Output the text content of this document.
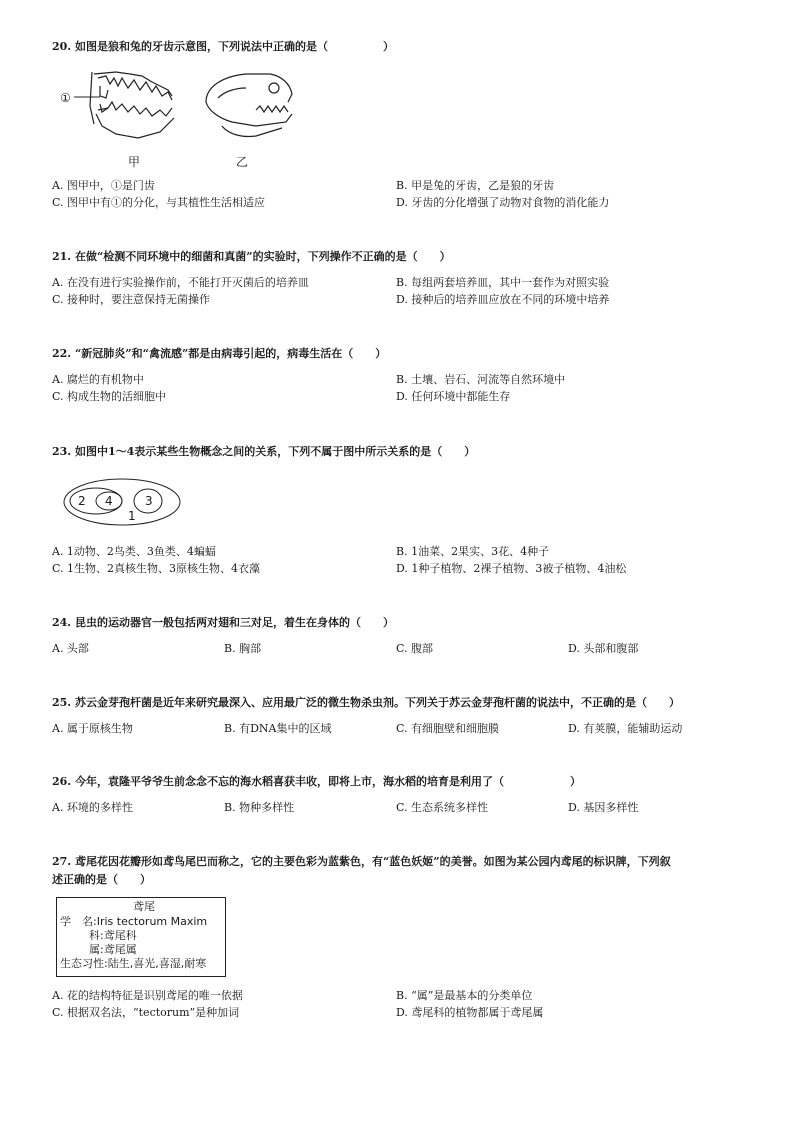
20. 如图是狼和兔的牙齿示意图，下列说法中正确的是（　　　　　）
①
甲	乙
A. 图甲中，①是门齿	B. 甲是兔的牙齿，乙是狼的牙齿
C. 图甲中有①的分化，与其植性生活相适应	D. 牙齿的分化增强了动物对食物的消化能力
21. 在做“检测不同环境中的细菌和真菌”的实验时，下列操作不正确的是（　　）
A. 在没有进行实验操作前，不能打开灭菌后的培养皿	B. 每组两套培养皿，其中一套作为对照实验
C. 接种时，要注意保持无菌操作	D. 接种后的培养皿应放在不同的环境中培养
22. “新冠肺炎”和“禽流感”都是由病毒引起的，病毒生活在（　　）
A. 腐烂的有机物中	B. 土壤、岩石、河流等自然环境中
C. 构成生物的活细胞中	D. 任何环境中都能生存
23. 如图中1～4表示某些生物概念之间的关系，下列不属于图中所示关系的是（　　）
2 4	3
1
A. 1动物、2鸟类、3鱼类、4蝙蝠	B. 1油菜、2果实、3花、4种子
C. 1生物、2真核生物、3原核生物、4衣藻	D. 1种子植物、2裸子植物、3被子植物、4油松
24. 昆虫的运动器官一般包括两对翅和三对足，着生在身体的（　　）
A. 头部	B. 胸部	C. 腹部	D. 头部和腹部
25. 苏云金芽孢杆菌是近年来研究最深入、应用最广泛的微生物杀虫剂。下列关于苏云金芽孢杆菌的说法中，不正确的是（　　）
A. 属于原核生物	B. 有DNA集中的区域	C. 有细胞壁和细胞膜	D. 有荚膜，能辅助运动
26. 今年，袁隆平爷爷生前念念不忘的海水稻喜获丰收，即将上市，海水稻的培育是利用了（　　　　　　）
A. 环境的多样性	B. 物种多样性	C. 生态系统多样性	D. 基因多样性
27. 鸢尾花因花瓣形如鸢鸟尾巴而称之，它的主要色彩为蓝紫色，有“蓝色妖姬”的美誉。如图为某公园内鸢尾的标识牌，下列叙
述正确的是（　　）
鸢尾
学　名:Iris tectorum Maxim
科:鸢尾科
属:鸢尾属
生态习性:陆生,喜光,喜湿,耐寒
A. 花的结构特征是识别鸢尾的唯一依据	B. “属”是最基本的分类单位
C. 根据双名法，“tectorum”是种加词	D. 鸢尾科的植物都属于鸢尾属
